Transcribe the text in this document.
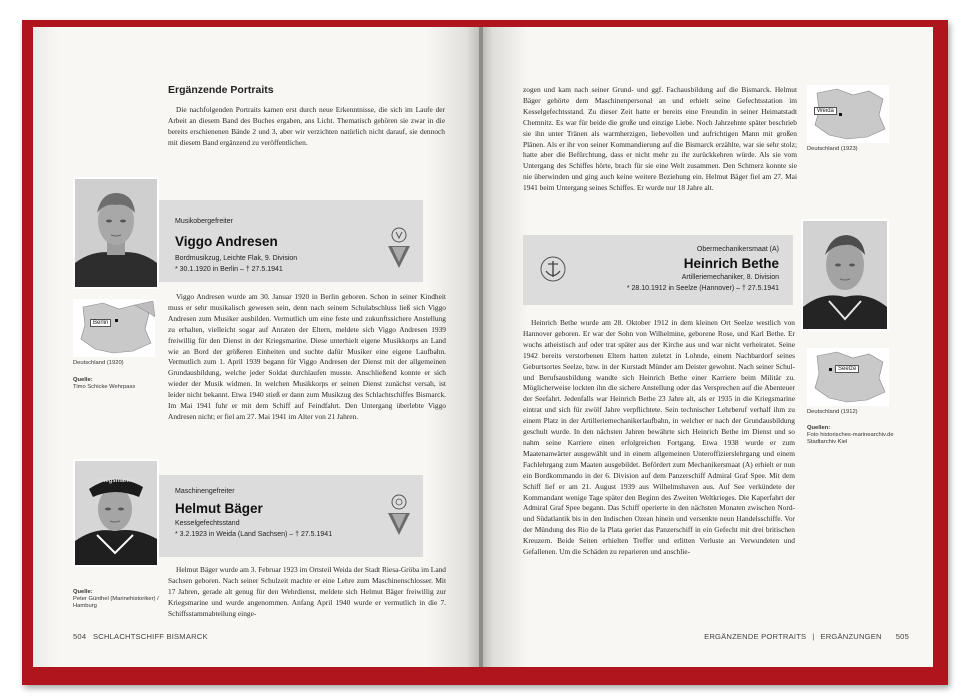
Ergänzende Portraits

Die nachfolgenden Portraits kamen erst durch neue Erkenntnisse, die sich im Laufe der Arbeit an diesem Band des Buches ergaben, ans Licht. Thematisch gehören sie zwar in die bereits erschienenen Bände 2 und 3, aber wir verzichten natürlich nicht darauf, sie dennoch mit diesem Band ergänzend zu veröffentlichen.

Musikobergefreiter
Viggo Andresen
Bordmusikzug, Leichte Flak, 9. Division
* 30.1.1920 in Berlin – † 27.5.1941
Berlin
Deutschland (1920)
Quelle:
Timo Schicke Wehrpass

Viggo Andresen wurde am 30. Januar 1920 in Berlin geboren. Schon in seiner Kindheit muss er sehr musikalisch gewesen sein, denn nach seinem Schulabschluss ließ sich Viggo Andresen zum Musiker ausbilden. Vermutlich um eine feste und zukunftssichere Anstellung zu erhalten, vielleicht sogar auf Anraten der Eltern, meldete sich Viggo Andresen 1939 freiwillig für den Dienst in der Kriegsmarine. Diese unterhielt eigene Musikkorps an Land wie an Bord der größeren Einheiten und suchte dafür Musiker eine eigene Laufbahn. Vermutlich zum 1. April 1939 begann für Viggo Andresen der Dienst mit der allgemeinen Grundausbildung, welche jeder Soldat durchlaufen musste. Anschließend konnte er sich wieder der Musik widmen. In welchen Musikkorps er seinen Dienst zunächst versah, ist leider nicht bekannt. Etwa 1940 stieß er dann zum Musikzug des Schlachtschiffes Bismarck. Im Mai 1941 fuhr er mit dem Schiff auf Feindfahrt. Den Untergang überlebte Viggo Andresen nicht; er fiel am 27. Mai 1941 im Alter von 21 Jahren.

Maschinengefreiter
Helmut Bäger
Kesselgefechtsstand
* 3.2.1923 in Weida (Land Sachsen) – † 27.5.1941
Kriegsmarine
Quelle:
Peter Günthel (Marinehistoriker) / Hamburg

Helmut Bäger wurde am 3. Februar 1923 im Ortsteil Weida der Stadt Riesa-Gröba im Land Sachsen geboren. Nach seiner Schulzeit machte er eine Lehre zum Maschinenschlosser. Mit 17 Jahren, gerade alt genug für den Wehrdienst, meldete sich Helmut Bäger freiwillig zur Kriegsmarine und wurde angenommen. Anfang April 1940 wurde er vermutlich in die 7. Schiffsstammabteilung einge-

504 SCHLACHTSCHIFF BISMARCK

zogen und kam nach seiner Grund- und ggf. Fachausbildung auf die Bismarck. Helmut Bäger gehörte dem Maschinenpersonal an und erhielt seine Gefechtsstation im Kesselgefechtsstand. Zu dieser Zeit hatte er bereits eine Freundin in seiner Heimatstadt Chemnitz. Es war für beide die große und einzige Liebe. Noch Jahrzehnte später beschrieb sie ihn unter Tränen als warmherzigen, liebevollen und aufrichtigen Mann mit großen Plänen. Als er ihr von seiner Kommandierung auf die Bismarck erzählte, war sie sehr stolz; hatte aber die Befürchtung, dass er nicht mehr zu ihr zurückkehren würde. Als sie vom Untergang des Schiffes hörte, brach für sie eine Welt zusammen. Den Schmerz konnte sie nie überwinden und ging auch keine weitere Beziehung ein. Helmut Bäger fiel am 27. Mai 1941 beim Untergang seines Schiffes. Er wurde nur 18 Jahre alt.

Weida
Deutschland (1923)
Obermechanikersmaat (A)
Heinrich Bethe
Artilleriemechaniker, 8. Division
* 28.10.1912 in Seelze (Hannover) – † 27.5.1941
Seelze
Deutschland (1912)
Quellen:
Foto historisches-marinearchiv.de Stadtarchiv Kiel

Heinrich Bethe wurde am 28. Oktober 1912 in dem kleinen Ort Seelze westlich von Hannover geboren. Er war der Sohn von Wilhelmine, geborene Rose, und Karl Bethe. Er wuchs atheistisch auf oder trat später aus der Kirche aus und war nicht verheiratet. Seine 1942 bereits verstorbenen Eltern hatten zuletzt in Lohnde, einem Nachbardorf seines Geburtsortes Seelze, bzw. in der Kurstadt Münder am Deister gewohnt. Nach seiner Schul- und Berufsausbildung wandte sich Heinrich Bethe einer Karriere beim Militär zu. Möglicherweise lockten ihn die sichere Anstellung oder das Versprechen auf die Abenteuer der Seefahrt. Jedenfalls war Heinrich Bethe 23 Jahre alt, als er 1935 in die Kriegsmarine eintrat und sich für zwölf Jahre verpflichtete. Sein technischer Lehrberuf verhalf ihm zu einem Platz in der Artilleriemechanikerlaufbahn, in welcher er nach der Grundausbildung geschult wurde. In den nächsten Jahren bewährte sich Heinrich Bethe im Dienst und so nahm seine Karriere einen erfolgreichen Fortgang. Etwa 1938 wurde er zum Maatenanwärter ausgewählt und in einem allgemeinen Unteroffizierslehrgang und einem Fachlehrgang zum Maaten ausgebildet. Befördert zum Mechanikersmaat (A) erhielt er nun ein Bordkommando in der 6. Division auf dem Panzerschiff Admiral Graf Spee. Mit dem Schiff lief er am 21. August 1939 aus Wilhelmshaven aus. Auf See verkündete der Kommandant wenige Tage später den Beginn des Zweiten Weltkrieges. Die Kaperfahrt der Admiral Graf Spee begann. Das Schiff operierte in den nächsten Monaten zwischen Nord- und Südatlantik bis in den Indischen Ozean hinein und versenkte neun Handelsschiffe. Vor der Mündung des Rio de la Plata geriet das Panzerschiff in ein Gefecht mit drei britischen Kreuzern. Beide Seiten erhielten Treffer und erlitten Verluste an Verwundeten und Gefallenen. Um die Schäden zu reparieren und anschlie-

ERGÄNZENDE PORTRAITS | ERGÄNZUNGEN 505
